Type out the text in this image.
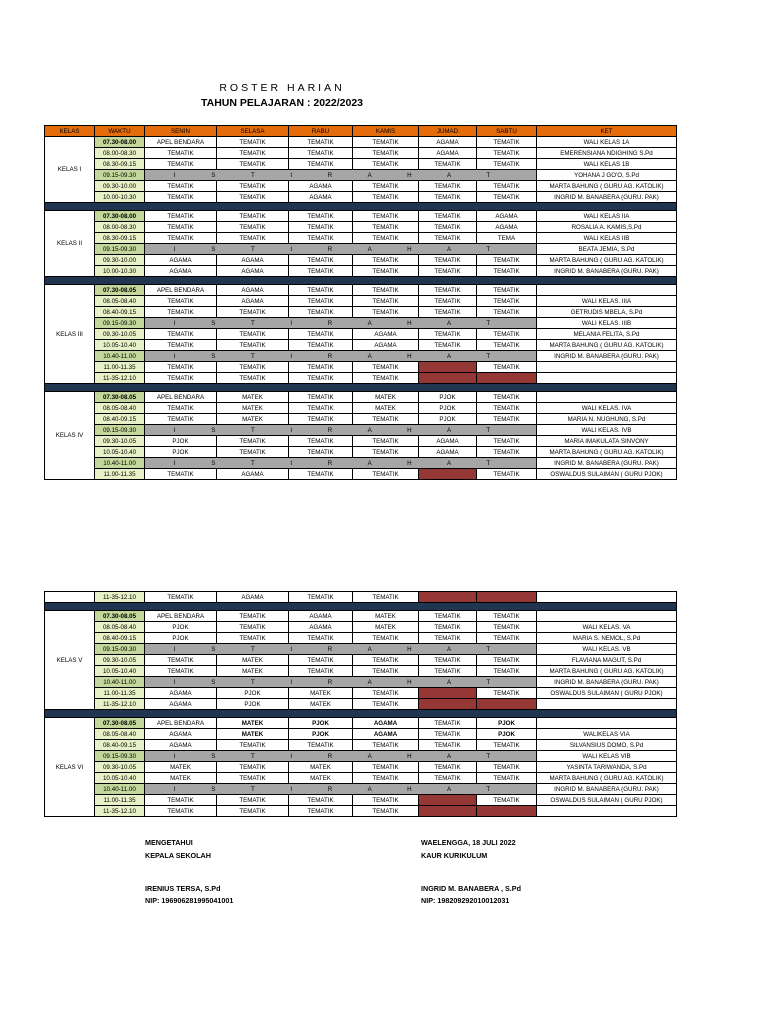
ROSTER HARIAN
TAHUN PELAJARAN : 2022/2023
KELAS	WAKTU	SENIN	SELASA	RABU	KAMIS	JUMAD	SABTU	KET
KELAS I	07.30-08.00	APEL BENDARA	TEMATIK	TEMATIK	TEMATIK	AGAMA	TEMATIK	WALI KELAS 1A
	08.00-08.30	TEMATIK	TEMATIK	TEMATIK	TEMATIK	AGAMA	TEMATIK	EMERENSIANA NDIGHING S.Pd
	08.30-09.15	TEMATIK	TEMATIK	TEMATIK	TEMATIK	TEMATIK	TEMATIK	WALI KELAS 1B
	09.15-09.30	I S T I R A H A T						YOHANA J GO'O, S.Pd
	09.30-10.00	TEMATIK	TEMATIK	AGAMA	TEMATIK	TEMATIK	TEMATIK	MARTA BAHUNG ( GURU AG. KATOLIK)
	10.00-10.30	TEMATIK	TEMATIK	AGAMA	TEMATIK	TEMATIK	TEMATIK	INGRID M. BANABERA (GURU. PAK)

KELAS II	07.30-08.00	TEMATIK	TEMATIK	TEMATIK	TEMATIK	TEMATIK	AGAMA	WALI KELAS IIA
	08.00-08.30	TEMATIK	TEMATIK	TEMATIK	TEMATIK	TEMATIK	AGAMA	ROSALIA A. KAMIS,S.Pd
	08.30-09.15	TEMATIK	TEMATIK	TEMATIK	TEMATIK	TEMATIK	TEMA	WALI KELAS IIB
	09.15-09.30	I S T I R A H A T						BEATA JEMIA, S.Pd
	09.30-10.00	AGAMA	AGAMA	TEMATIK	TEMATIK	TEMATIK	TEMATIK	MARTA BAHUNG ( GURU AG. KATOLIK)
	10.00-10.30	AGAMA	AGAMA	TEMATIK	TEMATIK	TEMATIK	TEMATIK	INGRID M. BANABERA (GURU. PAK)

KELAS III	07.30-08.05	APEL BENDARA	AGAMA	TEMATIK	TEMATIK	TEMATIK	TEMATIK	
	08.05-08.40	TEMATIK	AGAMA	TEMATIK	TEMATIK	TEMATIK	TEMATIK	WALI KELAS. IIIA
	08.40-09.15	TEMATIK	TEMATIK	TEMATIK	TEMATIK	TEMATIK	TEMATIK	GETRUDIS MBELA, S.Pd
	09.15-09.30	I S T I R A H A T						WALI KELAS. IIIB
	09.30-10.05	TEMATIK	TEMATIK	TEMATIK	AGAMA	TEMATIK	TEMATIK	MELANIA FELITA, S.Pd
	10.05-10.40	TEMATIK	TEMATIK	TEMATIK	AGAMA	TEMATIK	TEMATIK	MARTA BAHUNG ( GURU AG. KATOLIK)
	10.40-11.00	I S T I R A H A T						INGRID M. BANABERA (GURU. PAK)
	11.00-11.35	TEMATIK	TEMATIK	TEMATIK	TEMATIK		TEMATIK	
	11-35-12.10	TEMATIK	TEMATIK	TEMATIK	TEMATIK			

KELAS IV	07.30-08.05	APEL BENDARA	MATEK	TEMATIK	MATEK	PJOK	TEMATIK	
	08.05-08.40	TEMATIK	MATEK	TEMATIK	MATEK	PJOK	TEMATIK	WALI KELAS. IVA
	08.40-09.15	TEMATIK	MATEK	TEMATIK	TEMATIK	PJOK	TEMATIK	MARIA N. NUGHUNG, S.Pd
	09.15-09.30	I S T I R A H A T						WALI KELAS. IVB
	09.30-10.05	PJOK	TEMATIK	TEMATIK	TEMATIK	AGAMA	TEMATIK	MARIA IMAKULATA SINVONY
	10.05-10.40	PJOK	TEMATIK	TEMATIK	TEMATIK	AGAMA	TEMATIK	MARTA BAHUNG ( GURU AG. KATOLIK)
	10.40-11.00	I S T I R A H A T						INGRID M. BANABERA (GURU. PAK)
	11.00-11.35	TEMATIK	AGAMA	TEMATIK	TEMATIK		TEMATIK	OSWALDUS SULAIMAN ( GURU PJOK)
	11-35-12.10	TEMATIK	AGAMA	TEMATIK	TEMATIK			

KELAS V	07.30-08.05	APEL BENDARA	TEMATIK	AGAMA	MATEK	TEMATIK	TEMATIK	
	08.05-08.40	PJOK	TEMATIK	AGAMA	MATEK	TEMATIK	TEMATIK	WALI KELAS. VA
	08.40-09.15	PJOK	TEMATIK	TEMATIK	TEMATIK	TEMATIK	TEMATIK	MARIA S. NEMOL, S.Pd
	09.15-09.30	I S T I R A H A T						WALI KELAS. VB
	09.30-10.05	TEMATIK	MATEK	TEMATIK	TEMATIK	TEMATIK	TEMATIK	FLAVIANA MAGUT, S.Pd
	10.05-10.40	TEMATIK	MATEK	TEMATIK	TEMATIK	TEMATIK	TEMATIK	MARTA BAHUNG ( GURU AG. KATOLIK)
	10.40-11.00	I S T I R A H A T						INGRID M. BANABERA (GURU. PAK)
	11.00-11.35	AGAMA	PJOK	MATEK	TEMATIK		TEMATIK	OSWALDUS SULAIMAN ( GURU PJOK)
	11-35-12.10	AGAMA	PJOK	MATEK	TEMATIK			

KELAS VI	07.30-08.05	APEL BENDARA	MATEK	PJOK	AGAMA	TEMATIK	PJOK	
	08.05-08.40	AGAMA	MATEK	PJOK	AGAMA	TEMATIK	PJOK	WALIKELAS VIA
	08.40-09.15	AGAMA	TEMATIK	TEMATIK	TEMATIK	TEMATIK	TEMATIK	SILVANSIUS DOMO, S.Pd
	09.15-09.30	I S T I R A H A T						WALI KELAS VIB
	09.30-10.05	MATEK	TEMATIK	MATEK	TEMATIK	TEMATIK	TEMATIK	YASINTA TARIWANDA, S.Pd
	10.05-10.40	MATEK	TEMATIK	MATEK	TEMATIK	TEMATIK	TEMATIK	MARTA BAHUNG ( GURU AG. KATOLIK)
	10.40-11.00	I S T I R A H A T						INGRID M. BANABERA (GURU. PAK)
	11.00-11.35	TEMATIK	TEMATIK	TEMATIK	TEMATIK		TEMATIK	OSWALDUS SULAIMAN ( GURU PJOK)
	11-35-12.10	TEMATIK	TEMATIK	TEMATIK	TEMATIK			
MENGETAHUI
KEPALA SEKOLAH
IRENIUS TERSA, S.Pd
NIP: 196906281995041001
WAELENGGA, 18 JULI 2022
KAUR KURIKULUM
INGRID M. BANABERA , S.Pd
NIP: 198209292010012031
